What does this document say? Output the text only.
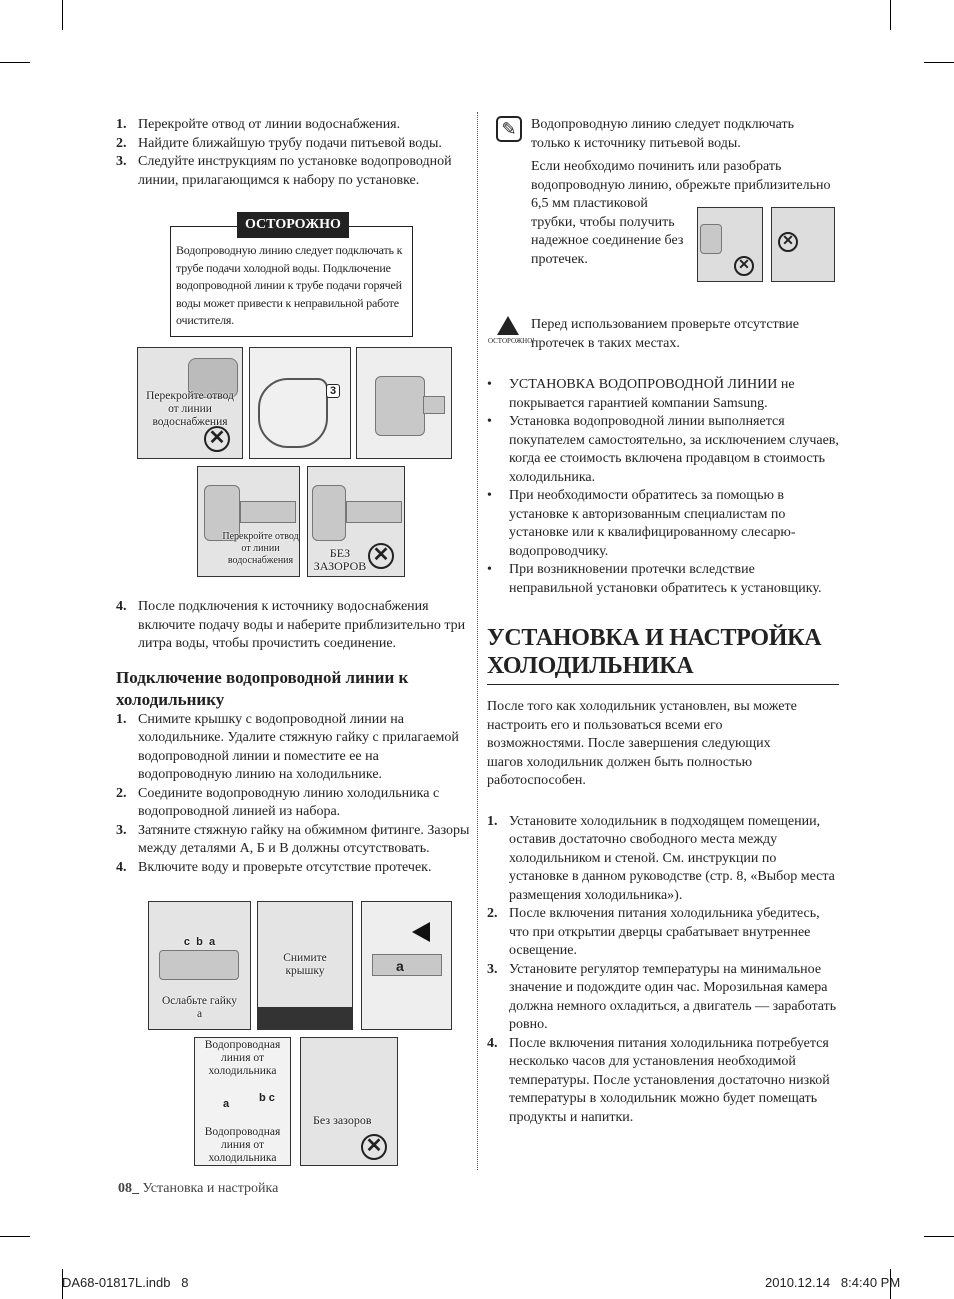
1. Перекройте отвод от линии водоснабжения.
2. Найдите ближайшую трубу подачи питьевой воды.
3. Следуйте инструкциям по установке водопроводной линии, прилагающимся к набору по установке.
ОСТОРОЖНО
Водопроводную линию следует подключать к трубе подачи холодной воды. Подключение водопроводной линии к трубе подачи горячей воды может привести к неправильной работе очистителя.
✕
Перекройте отвод от линии водоснабжения
3
Перекройте отвод от линии водоснабжения	✕
БЕЗ ЗАЗОРОВ
4. После подключения к источнику водоснабжения включите подачу воды и наберите приблизительно три литра воды, чтобы прочистить соединение.
Подключение водопроводной линии к холодильнику
1. Снимите крышку с водопроводной линии на холодильнике. Удалите стяжную гайку с прилагаемой водопроводной линии и поместите ее на водопроводную линию на холодильнике.
2. Соедините водопроводную линию холодильника с водопроводной линией из набора.
3. Затяните стяжную гайку на обжимном фитинге. Зазоры между деталями А, Б и В должны отсутствовать.
4. Включите воду и проверьте отсутствие протечек.
c  b  a
Ослабьте гайку а
Снимите крышку	a
Водопроводная линия от холодильника
a	b c
Водопроводная линия от холодильника
Без зазоров
✕
✎	Водопроводную линию следует подключать только к источнику питьевой воды.

Если необходимо починить или разобрать водопроводную линию, обрежьте приблизительно 6,5 мм пластиковой трубки, чтобы получить надежное соединение без протечек.	✕
✕
ОСТОРОЖНО!
Перед использованием проверьте отсутствие протечек в таких местах.
• УСТАНОВКА ВОДОПРОВОДНОЙ ЛИНИИ не покрывается гарантией компании Samsung.
• Установка водопроводной линии выполняется покупателем самостоятельно, за исключением случаев, когда ее стоимость включена продавцом в стоимость холодильника.
• При необходимости обратитесь за помощью в установке к авторизованным специалистам по установке или к квалифицированному слесарю-водопроводчику.
• При возникновении протечки вследствие неправильной установки обратитесь к установщику.
УСТАНОВКА И НАСТРОЙКА ХОЛОДИЛЬНИКА

После того как холодильник установлен, вы можете настроить его и пользоваться всеми его возможностями. После завершения следующих шагов холодильник должен быть полностью работоспособен.

1. Установите холодильник в подходящем помещении, оставив достаточно свободного места между холодильником и стеной. См. инструкции по установке в данном руководстве (стр. 8, «Выбор места размещения холодильника»).
2. После включения питания холодильника убедитесь, что при открытии дверцы срабатывает внутреннее освещение.
3. Установите регулятор температуры на минимальное значение и подождите один час. Морозильная камера должна немного охладиться, а двигатель — заработать ровно.
4. После включения питания холодильника потребуется несколько часов для установления необходимой температуры. После установления достаточно низкой температуры в холодильник можно будет помещать продукты и напитки.
08_ Установка и настройка
DA68-01817L.indb   8	2010.12.14   8:4:40 PM
